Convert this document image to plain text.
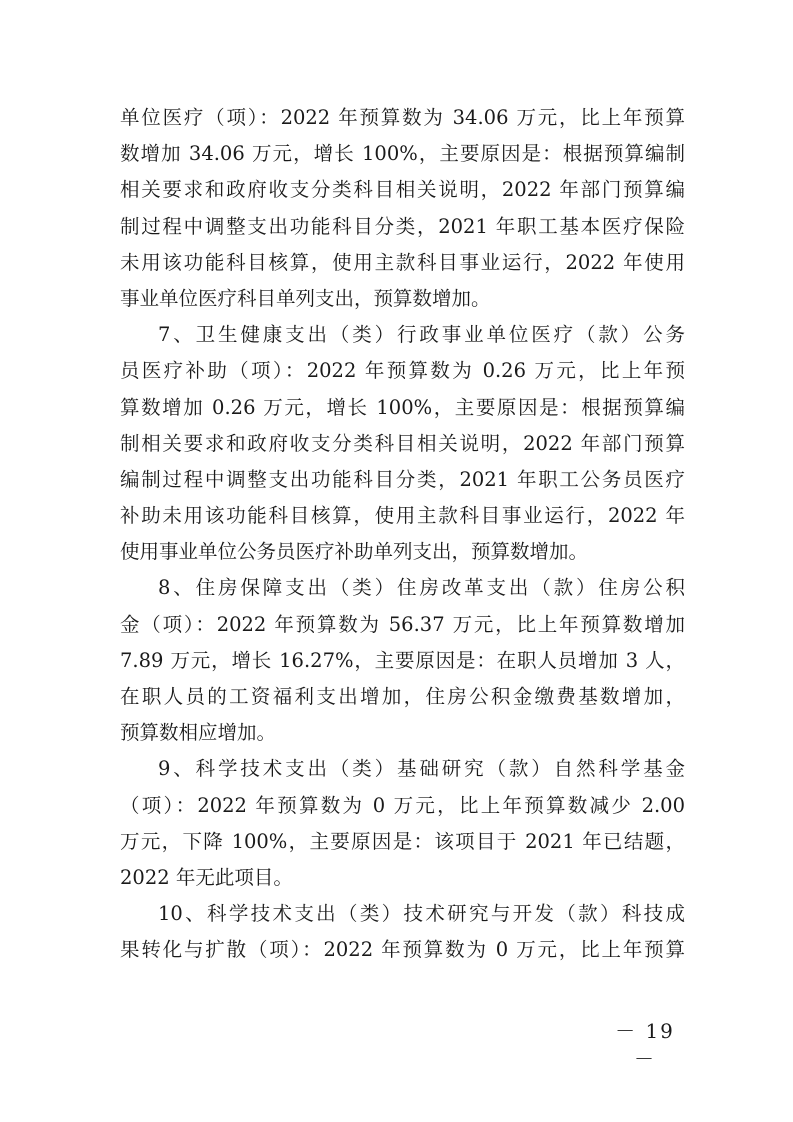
单位医疗（项）：2022 年预算数为 34.06 万元，比上年预算
数增加 34.06 万元，增长 100%，主要原因是：根据预算编制
相关要求和政府收支分类科目相关说明，2022 年部门预算编
制过程中调整支出功能科目分类，2021 年职工基本医疗保险
未用该功能科目核算，使用主款科目事业运行，2022 年使用
事业单位医疗科目单列支出，预算数增加。
7、卫生健康支出（类）行政事业单位医疗（款）公务
员医疗补助（项）：2022 年预算数为 0.26 万元，比上年预
算数增加 0.26 万元，增长 100%，主要原因是：根据预算编
制相关要求和政府收支分类科目相关说明，2022 年部门预算
编制过程中调整支出功能科目分类，2021 年职工公务员医疗
补助未用该功能科目核算，使用主款科目事业运行，2022 年
使用事业单位公务员医疗补助单列支出，预算数增加。
8、住房保障支出（类）住房改革支出（款）住房公积
金（项）：2022 年预算数为 56.37 万元，比上年预算数增加
7.89 万元，增长 16.27%，主要原因是：在职人员增加 3 人，
在职人员的工资福利支出增加，住房公积金缴费基数增加，
预算数相应增加。
9、科学技术支出（类）基础研究（款）自然科学基金
（项）：2022 年预算数为 0 万元，比上年预算数减少 2.00
万元，下降 100%，主要原因是：该项目于 2021 年已结题，
2022 年无此项目。
10、科学技术支出（类）技术研究与开发（款）科技成
果转化与扩散（项）：2022 年预算数为 0 万元，比上年预算
－ 19 －
